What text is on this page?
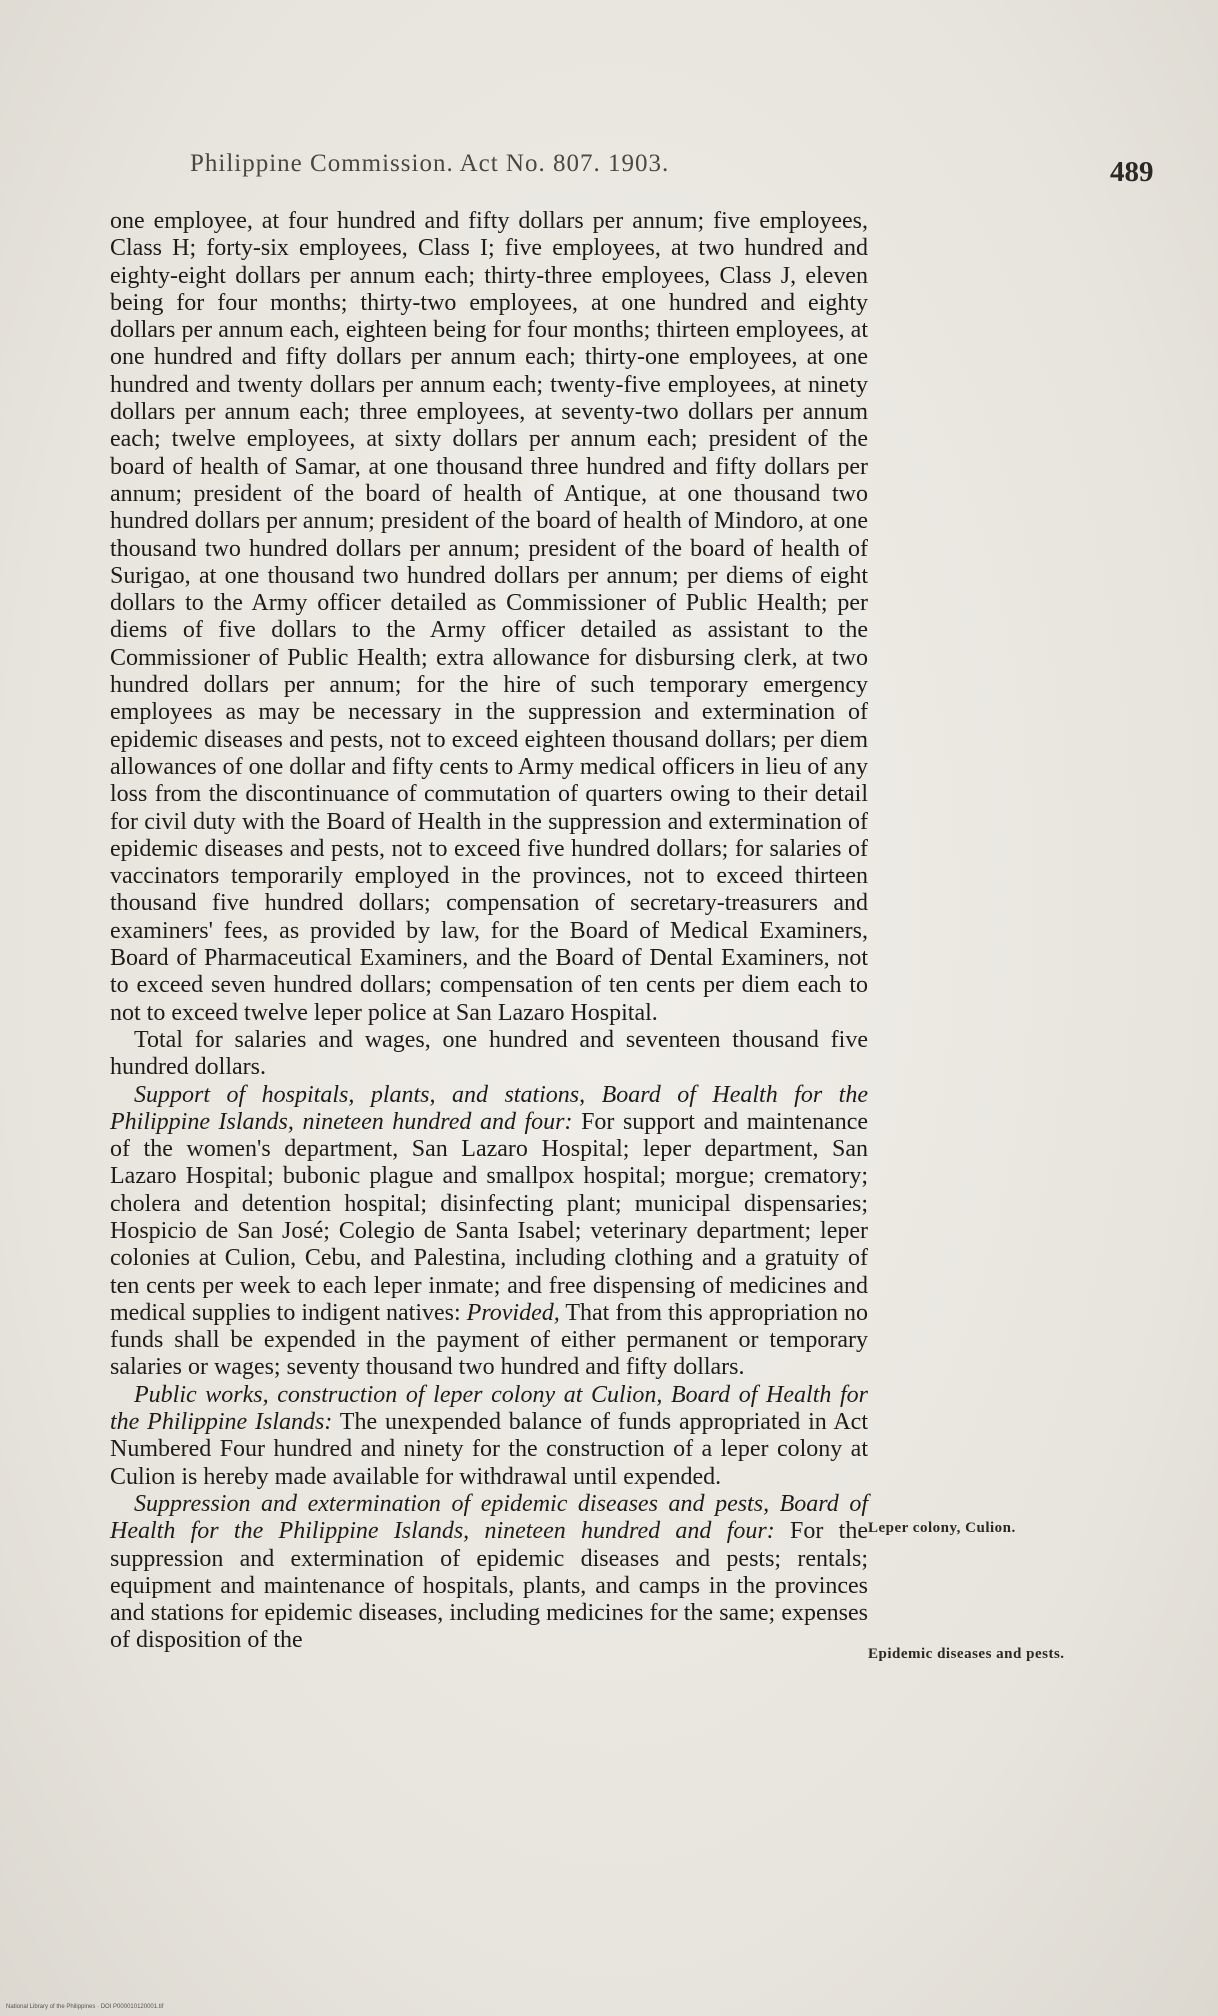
Philippine Commission. Act No. 807. 1903.	489

one employee, at four hundred and fifty dollars per annum; five employees, Class H; forty-six employees, Class I; five employees, at two hundred and eighty-eight dollars per annum each; thirty-three employees, Class J, eleven being for four months; thirty-two employees, at one hundred and eighty dollars per annum each, eighteen being for four months; thirteen employees, at one hundred and fifty dollars per annum each; thirty-one employees, at one hundred and twenty dollars per annum each; twenty-five employees, at ninety dollars per annum each; three employees, at seventy-two dollars per annum each; twelve employees, at sixty dollars per annum each; president of the board of health of Samar, at one thousand three hundred and fifty dollars per annum; president of the board of health of Antique, at one thousand two hundred dollars per annum; president of the board of health of Mindoro, at one thousand two hundred dollars per annum; president of the board of health of Surigao, at one thousand two hundred dollars per annum; per diems of eight dollars to the Army officer detailed as Commissioner of Public Health; per diems of five dollars to the Army officer detailed as assistant to the Commissioner of Public Health; extra allowance for disbursing clerk, at two hundred dollars per annum; for the hire of such temporary emergency employees as may be necessary in the suppression and extermination of epidemic diseases and pests, not to exceed eighteen thousand dollars; per diem allowances of one dollar and fifty cents to Army medical officers in lieu of any loss from the discontinuance of commutation of quarters owing to their detail for civil duty with the Board of Health in the suppression and extermination of epidemic diseases and pests, not to exceed five hundred dollars; for salaries of vaccinators temporarily employed in the provinces, not to exceed thirteen thousand five hundred dollars; compensation of secretary-treasurers and examiners' fees, as provided by law, for the Board of Medical Examiners, Board of Pharmaceutical Examiners, and the Board of Dental Examiners, not to exceed seven hundred dollars; compensation of ten cents per diem each to not to exceed twelve leper police at San Lazaro Hospital.

Total for salaries and wages, one hundred and seventeen thousand five hundred dollars.

Support of hospitals, plants, and stations, Board of Health for the Philippine Islands, nineteen hundred and four: For support and maintenance of the women's department, San Lazaro Hospital; leper department, San Lazaro Hospital; bubonic plague and smallpox hospital; morgue; crematory; cholera and detention hospital; disinfecting plant; municipal dispensaries; Hospicio de San José; Colegio de Santa Isabel; veterinary department; leper colonies at Culion, Cebu, and Palestina, including clothing and a gratuity of ten cents per week to each leper inmate; and free dispensing of medicines and medical supplies to indigent natives: Provided, That from this appropriation no funds shall be expended in the payment of either permanent or temporary salaries or wages; seventy thousand two hundred and fifty dollars.

Public works, construction of leper colony at Culion, Board of Health for the Philippine Islands: The unexpended balance of funds appropriated in Act Numbered Four hundred and ninety for the construction of a leper colony at Culion is hereby made available for withdrawal until expended.

Suppression and extermination of epidemic diseases and pests, Board of Health for the Philippine Islands, nineteen hundred and four: For the suppression and extermination of epidemic diseases and pests; rentals; equipment and maintenance of hospitals, plants, and camps in the provinces and stations for epidemic diseases, including medicines for the same; expenses of disposition of the

Leper colony, Culion.
Epidemic diseases and pests.
National Library of the Philippines · DOI P000010120001.tif
